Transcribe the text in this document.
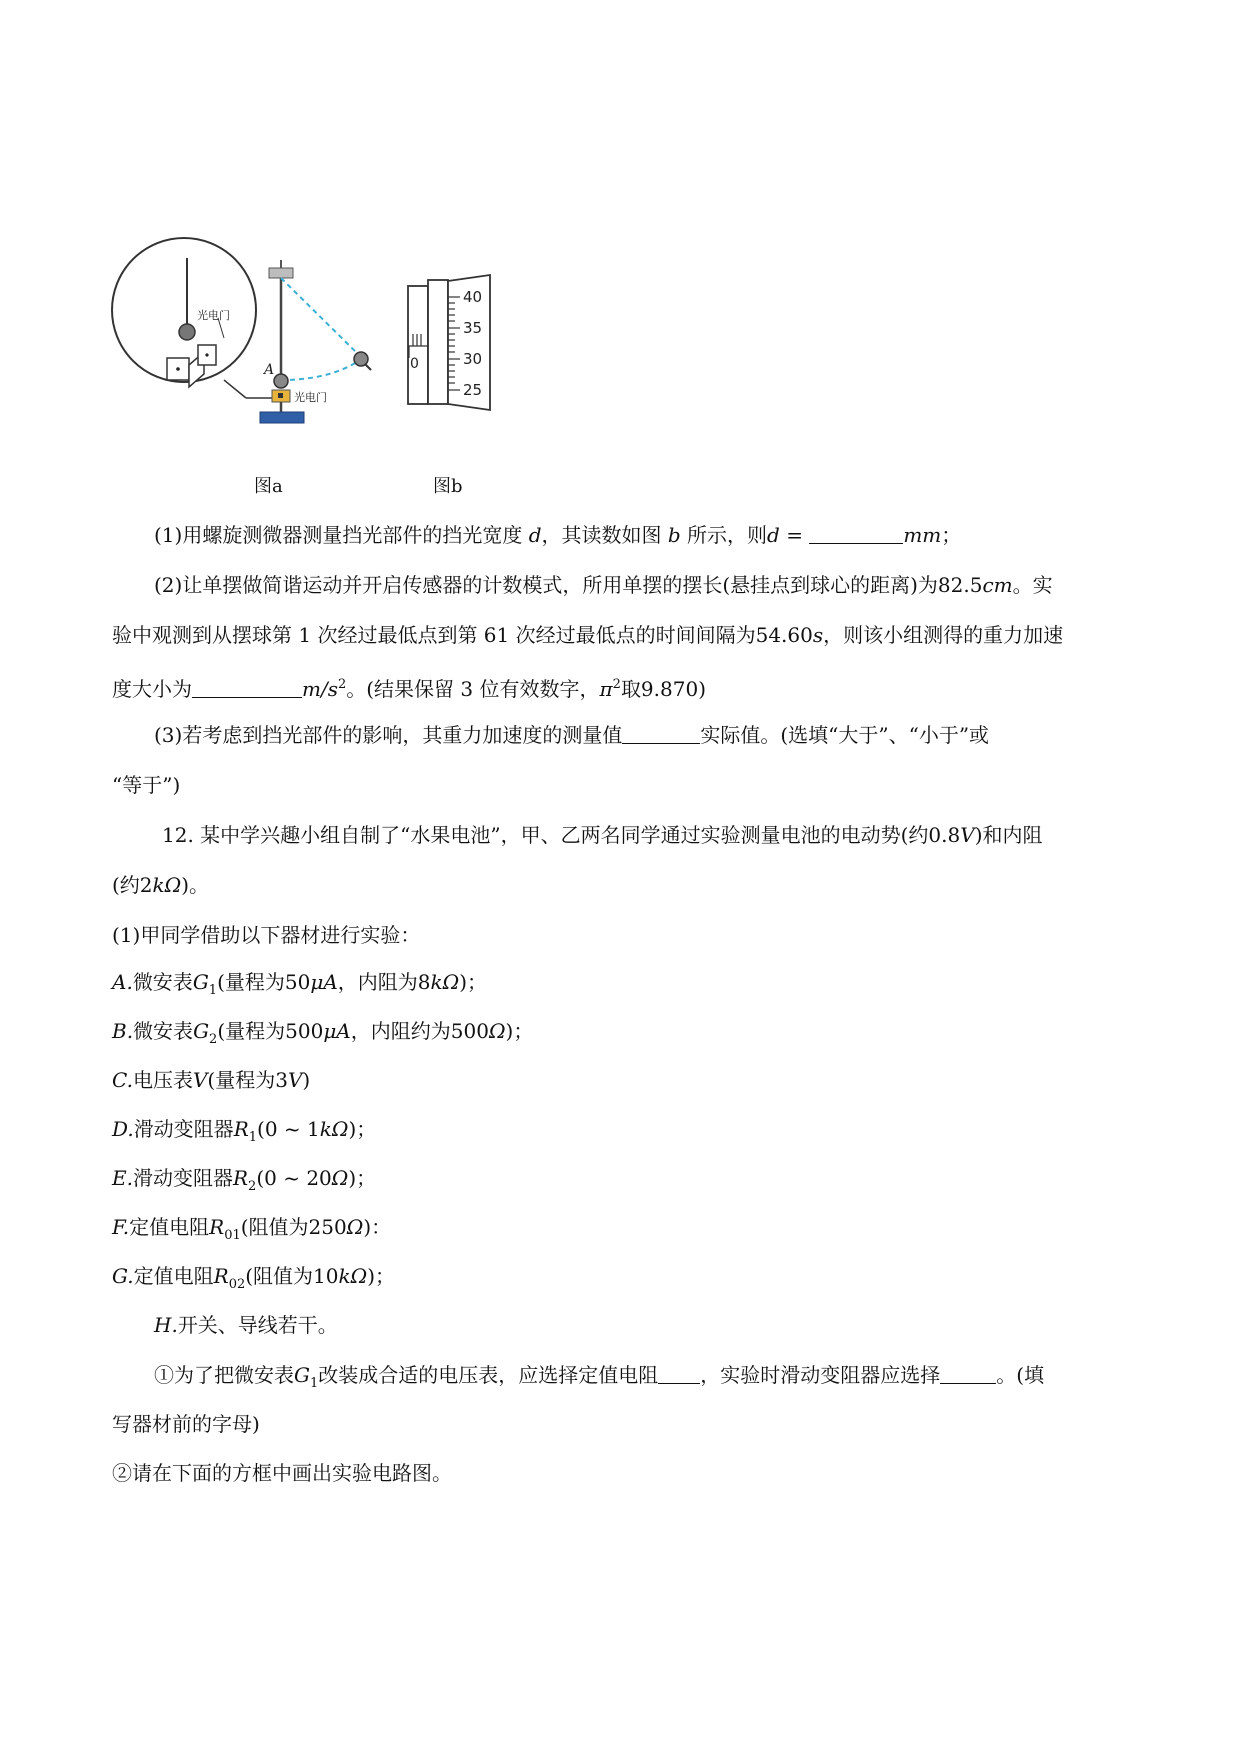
光电门
A
光电门
40
35
30
25
0
图a	图b
(1)用螺旋测微器测量挡光部件的挡光宽度 d，其读数如图 b 所示，则d =	mm；
(2)让单摆做简谐运动并开启传感器的计数模式，所用单摆的摆长(悬挂点到球心的距离)为82.5cm。实
验中观测到从摆球第 1 次经过最低点到第 61 次经过最低点的时间间隔为54.60s，则该小组测得的重力加速
度大小为	$m/s^2$。(结果保留 3 位有效数字，$\pi^2$取9.870)
(3)若考虑到挡光部件的影响，其重力加速度的测量值	实际值。(选填“大于”、“小于”或
“等于”)
12. 某中学兴趣小组自制了“水果电池”，甲、乙两名同学通过实验测量电池的电动势(约0.8V)和内阻
(约2kΩ)。
(1)甲同学借助以下器材进行实验：
A.微安表$G_1$(量程为50μA，内阻为8kΩ)；
B.微安表$G_2$(量程为500μA，内阻约为500Ω)；
C.电压表V(量程为3V)
D.滑动变阻器$R_1(0$ ~ 1kΩ)；
E.滑动变阻器$R_2(0$ ~ 20Ω)；
F.定值电阻$R_{01}$(阻值为250Ω)：
G.定值电阻$R_{02}$(阻值为10kΩ)；
H.开关、导线若干。
①为了把微安表$G_1$改装成合适的电压表，应选择定值电阻 ，实验时滑动变阻器应选择	。(填
写器材前的字母)
②请在下面的方框中画出实验电路图。
